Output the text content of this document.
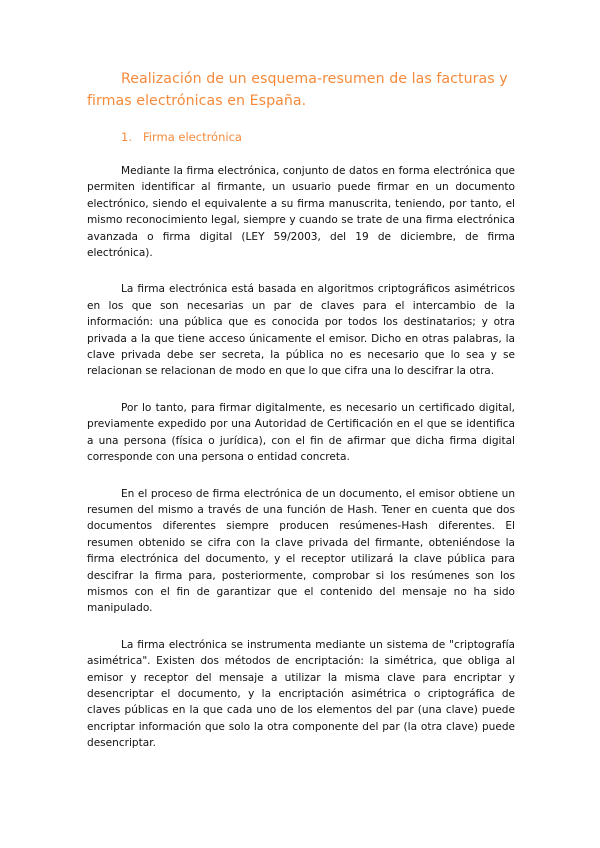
Realización de un esquema-resumen de las facturas y firmas electrónicas en España.
1. Firma electrónica

Mediante la firma electrónica, conjunto de datos en forma electrónica que permiten identificar al firmante, un usuario puede firmar en un documento electrónico, siendo el equivalente a su firma manuscrita, teniendo, por tanto, el mismo reconocimiento legal, siempre y cuando se trate de una firma electrónica avanzada o firma digital (LEY 59/2003, del 19 de diciembre, de firma electrónica).

La firma electrónica está basada en algoritmos criptográficos asimétricos en los que son necesarias un par de claves para el intercambio de la información: una pública que es conocida por todos los destinatarios; y otra privada a la que tiene acceso únicamente el emisor. Dicho en otras palabras, la clave privada debe ser secreta, la pública no es necesario que lo sea y se relacionan se relacionan de modo en que lo que cifra una lo descifrar la otra.

Por lo tanto, para firmar digitalmente, es necesario un certificado digital, previamente expedido por una Autoridad de Certificación en el que se identifica a una persona (física o jurídica), con el fin de afirmar que dicha firma digital corresponde con una persona o entidad concreta.

En el proceso de firma electrónica de un documento, el emisor obtiene un resumen del mismo a través de una función de Hash. Tener en cuenta que dos documentos diferentes siempre producen resúmenes-Hash diferentes. El resumen obtenido se cifra con la clave privada del firmante, obteniéndose la firma electrónica del documento, y el receptor utilizará la clave pública para descifrar la firma para, posteriormente, comprobar si los resúmenes son los mismos con el fin de garantizar que el contenido del mensaje no ha sido manipulado.

La firma electrónica se instrumenta mediante un sistema de "criptografía asimétrica". Existen dos métodos de encriptación: la simétrica, que obliga al emisor y receptor del mensaje a utilizar la misma clave para encriptar y desencriptar el documento, y la encriptación asimétrica o criptográfica de claves públicas en la que cada uno de los elementos del par (una clave) puede encriptar información que solo la otra componente del par (la otra clave) puede desencriptar.
